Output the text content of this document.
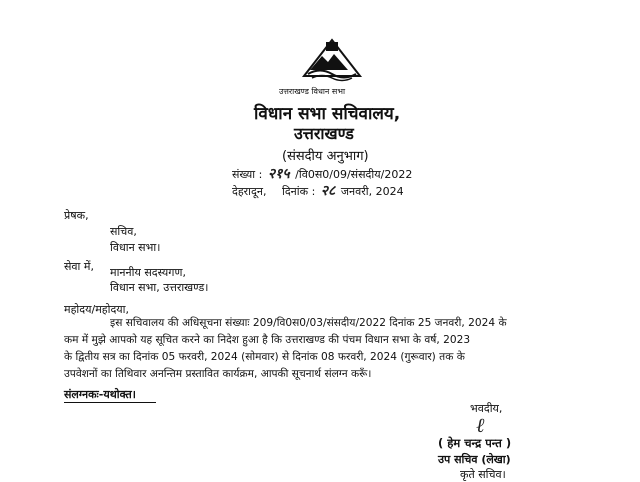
उत्तराखण्ड विधान सभा
विधान सभा सचिवालय,
उत्तराखण्ड
(संसदीय अनुभाग)
संख्या : २१५ /वि0स0/09/संसदीय/2022
देहरादून, दिनांक : २८ जनवरी, 2024
प्रेषक,
सचिव,
विधान सभा।
सेवा में, माननीय सदस्यगण,
विधान सभा, उत्तराखण्ड।
महोदय/महोदया,
इस सचिवालय की अधिसूचना संख्याः 209/वि0स0/03/संसदीय/2022 दिनांक 25 जनवरी, 2024 के
कम में मुझे आपको यह सूचित करने का निदेश हुआ है कि उत्तराखण्ड की पंचम विधान सभा के वर्ष, 2023
के द्वितीय सत्र का दिनांक 05 फरवरी, 2024 (सोमवार) से दिनांक 08 फरवरी, 2024 (गुरूवार) तक के
उपवेशनों का तिथिवार अनन्तिम प्रस्तावित कार्यक्रम, आपकी सूचनार्थ संलग्न करूँ।
संलग्नकः-यथोक्त।
भवदीय,
ℓ
( हेम चन्द्र पन्त )
उप सचिव (लेखा)
कृते सचिव।
